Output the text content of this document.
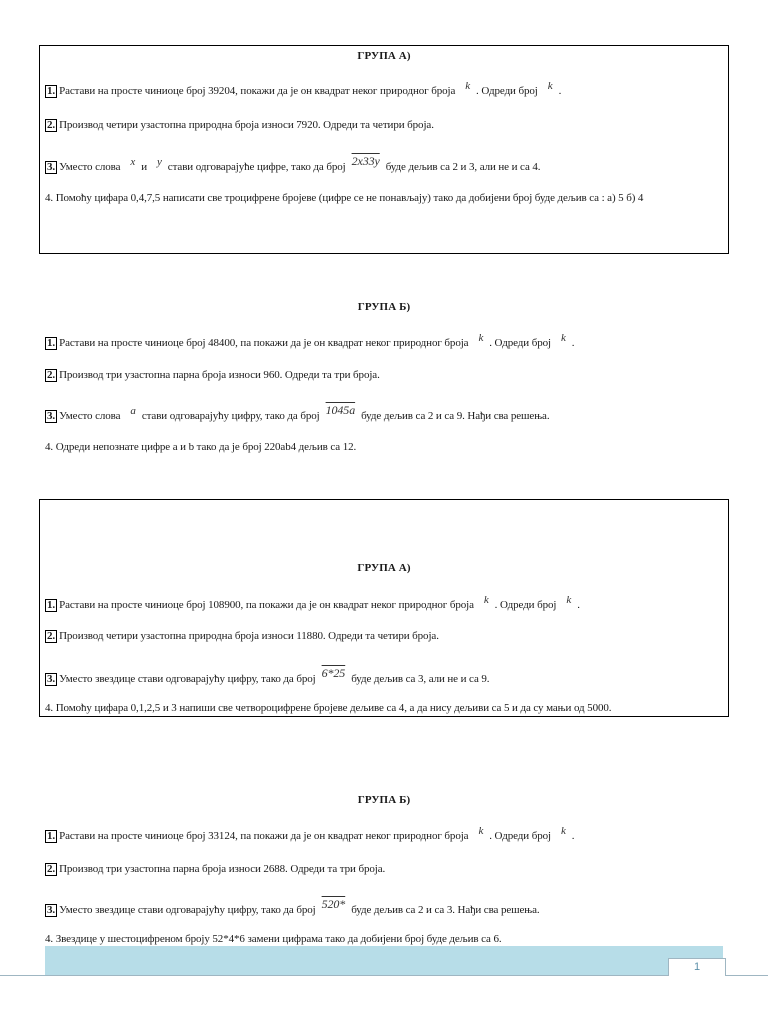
ГРУПА А)
1. Растави на просте чиниоце број 39204, покажи да је он квадрат неког природног броја k . Одреди број k .
2. Производ четири узастопна природна броја износи 7920. Одреди та четири броја.
3. Уместо слова x и y стави одговарајуће цифре, тако да број 2x33y буде дељив са 2 и 3, али не и са 4.
4. Помоћу цифара 0,4,7,5 написати све троцифрене бројеве (цифре се не понављају) тако да добијени број буде дељив са : а) 5 б) 4
ГРУПА Б)
1. Растави на просте чиниоце број 48400, па покажи да је он квадрат неког природног броја k . Одреди број k .
2. Производ три узастопна парна броја износи 960. Одреди та три броја.
3. Уместо слова a стави одговарајућу цифру, тако да број 1045a буде дељив са 2 и са 9. Нађи сва решења.
4. Одреди непознате цифре a и b тако да је број 220ab4 дељив са 12.
ГРУПА А)
1. Растави на просте чиниоце број 108900, па покажи да је он квадрат неког природног броја k . Одреди број k .
2. Производ четири узастопна природна броја износи 11880. Одреди та четири броја.
3. Уместо звездице стави одговарајућу цифру, тако да број 6*25 буде дељив са 3, али не и са 9.
4. Помоћу цифара 0,1,2,5 и 3 напиши све четвороцифрене бројеве дељиве са 4, а да нису дељиви са 5 и да су мањи од 5000.
ГРУПА Б)
1. Растави на просте чиниоце број 33124, па покажи да је он квадрат неког природног броја k . Одреди број k .
2. Производ три узастопна парна броја износи 2688. Одреди та три броја.
3. Уместо звездице стави одговарајућу цифру, тако да број 520* буде дељив са 2 и са 3. Нађи сва решења.
4. Звездице у шестоцифреном броју 52*4*6 замени цифрама тако да добијени број буде дељив са 6.
1
